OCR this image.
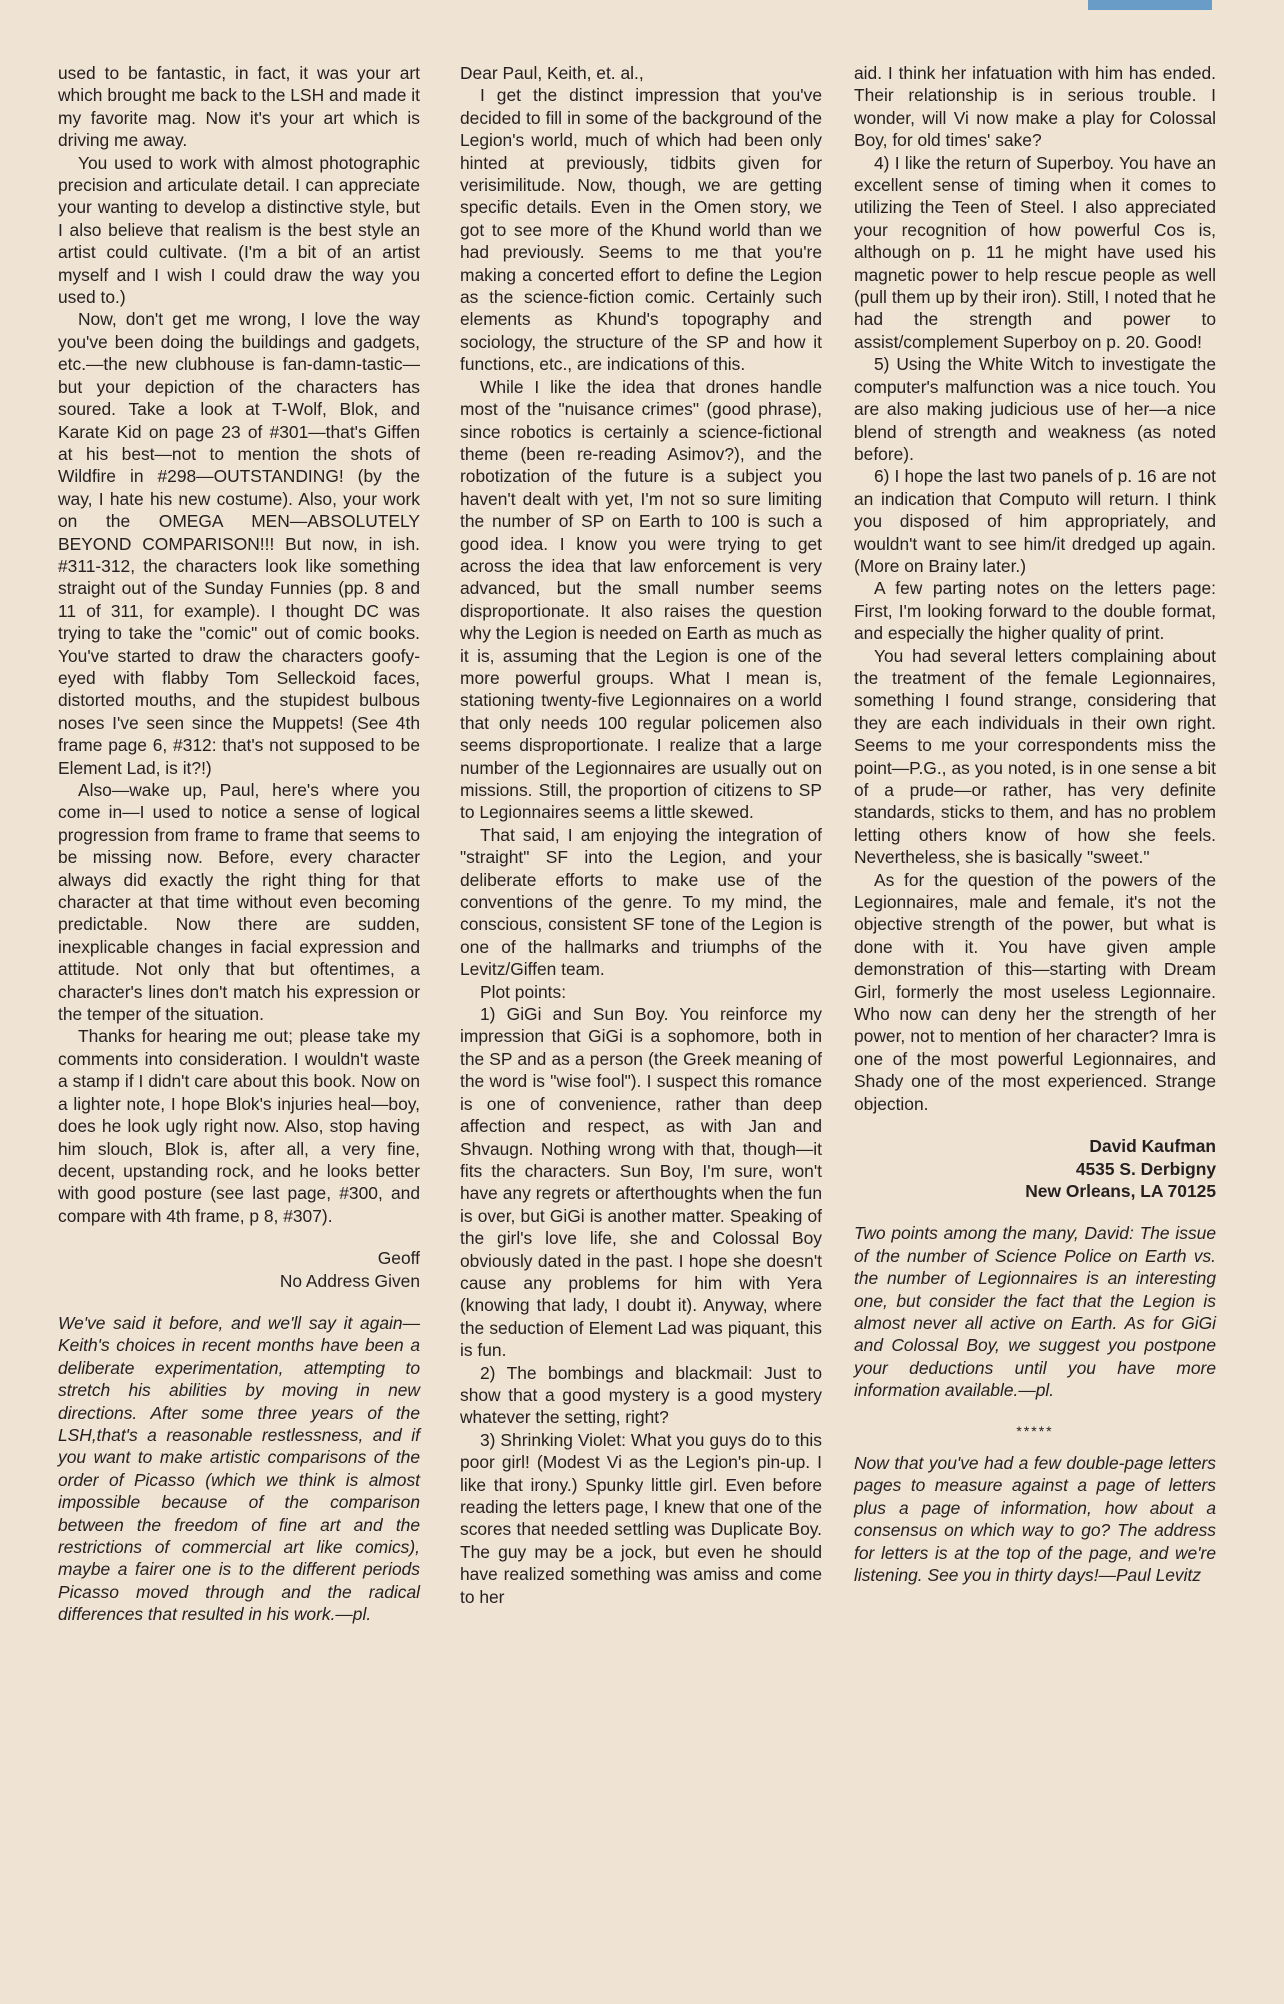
used to be fantastic, in fact, it was your art which brought me back to the LSH and made it my favorite mag. Now it's your art which is driving me away.

You used to work with almost photographic precision and articulate detail. I can appreciate your wanting to develop a distinctive style, but I also believe that realism is the best style an artist could cultivate. (I'm a bit of an artist myself and I wish I could draw the way you used to.)

Now, don't get me wrong, I love the way you've been doing the buildings and gadgets, etc.—the new clubhouse is fan-damn-tastic—but your depiction of the characters has soured. Take a look at T-Wolf, Blok, and Karate Kid on page 23 of #301—that's Giffen at his best—not to mention the shots of Wildfire in #298—OUTSTANDING! (by the way, I hate his new costume). Also, your work on the OMEGA MEN—ABSOLUTELY BEYOND COMPARISON!!! But now, in ish. #311-312, the characters look like something straight out of the Sunday Funnies (pp. 8 and 11 of 311, for example). I thought DC was trying to take the "comic" out of comic books. You've started to draw the characters goofy-eyed with flabby Tom Selleckoid faces, distorted mouths, and the stupidest bulbous noses I've seen since the Muppets! (See 4th frame page 6, #312: that's not supposed to be Element Lad, is it?!)

Also—wake up, Paul, here's where you come in—I used to notice a sense of logical progression from frame to frame that seems to be missing now. Before, every character always did exactly the right thing for that character at that time without even becoming predictable. Now there are sudden, inexplicable changes in facial expression and attitude. Not only that but oftentimes, a character's lines don't match his expression or the temper of the situation.

Thanks for hearing me out; please take my comments into consideration. I wouldn't waste a stamp if I didn't care about this book. Now on a lighter note, I hope Blok's injuries heal—boy, does he look ugly right now. Also, stop having him slouch, Blok is, after all, a very fine, decent, upstanding rock, and he looks better with good posture (see last page, #300, and compare with 4th frame, p 8, #307).

Geoff
No Address Given
We've said it before, and we'll say it again—Keith's choices in recent months have been a deliberate experimentation, attempting to stretch his abilities by moving in new directions. After some three years of the LSH,that's a reasonable restlessness, and if you want to make artistic comparisons of the order of Picasso (which we think is almost impossible because of the comparison between the freedom of fine art and the restrictions of commercial art like comics), maybe a fairer one is to the different periods Picasso moved through and the radical differences that resulted in his work.—pl.

Dear Paul, Keith, et. al.,

I get the distinct impression that you've decided to fill in some of the background of the Legion's world, much of which had been only hinted at previously, tidbits given for verisimilitude. Now, though, we are getting specific details. Even in the Omen story, we got to see more of the Khund world than we had previously. Seems to me that you're making a concerted effort to define the Legion as the science-fiction comic. Certainly such elements as Khund's topography and sociology, the structure of the SP and how it functions, etc., are indications of this.

While I like the idea that drones handle most of the "nuisance crimes" (good phrase), since robotics is certainly a science-fictional theme (been re-reading Asimov?), and the robotization of the future is a subject you haven't dealt with yet, I'm not so sure limiting the number of SP on Earth to 100 is such a good idea. I know you were trying to get across the idea that law enforcement is very advanced, but the small number seems disproportionate. It also raises the question why the Legion is needed on Earth as much as it is, assuming that the Legion is one of the more powerful groups. What I mean is, stationing twenty-five Legionnaires on a world that only needs 100 regular policemen also seems disproportionate. I realize that a large number of the Legionnaires are usually out on missions. Still, the proportion of citizens to SP to Legionnaires seems a little skewed.

That said, I am enjoying the integration of "straight" SF into the Legion, and your deliberate efforts to make use of the conventions of the genre. To my mind, the conscious, consistent SF tone of the Legion is one of the hallmarks and triumphs of the Levitz/Giffen team.

Plot points:

1) GiGi and Sun Boy. You reinforce my impression that GiGi is a sophomore, both in the SP and as a person (the Greek meaning of the word is "wise fool"). I suspect this romance is one of convenience, rather than deep affection and respect, as with Jan and Shvaugn. Nothing wrong with that, though—it fits the characters. Sun Boy, I'm sure, won't have any regrets or afterthoughts when the fun is over, but GiGi is another matter. Speaking of the girl's love life, she and Colossal Boy obviously dated in the past. I hope she doesn't cause any problems for him with Yera (knowing that lady, I doubt it). Anyway, where the seduction of Element Lad was piquant, this is fun.

2) The bombings and blackmail: Just to show that a good mystery is a good mystery whatever the setting, right?

3) Shrinking Violet: What you guys do to this poor girl! (Modest Vi as the Legion's pin-up. I like that irony.) Spunky little girl. Even before reading the letters page, I knew that one of the scores that needed settling was Duplicate Boy. The guy may be a jock, but even he should have realized something was amiss and come to her

aid. I think her infatuation with him has ended. Their relationship is in serious trouble. I wonder, will Vi now make a play for Colossal Boy, for old times' sake?

4) I like the return of Superboy. You have an excellent sense of timing when it comes to utilizing the Teen of Steel. I also appreciated your recognition of how powerful Cos is, although on p. 11 he might have used his magnetic power to help rescue people as well (pull them up by their iron). Still, I noted that he had the strength and power to assist/complement Superboy on p. 20. Good!

5) Using the White Witch to investigate the computer's malfunction was a nice touch. You are also making judicious use of her—a nice blend of strength and weakness (as noted before).

6) I hope the last two panels of p. 16 are not an indication that Computo will return. I think you disposed of him appropriately, and wouldn't want to see him/it dredged up again. (More on Brainy later.)

A few parting notes on the letters page: First, I'm looking forward to the double format, and especially the higher quality of print.

You had several letters complaining about the treatment of the female Legionnaires, something I found strange, considering that they are each individuals in their own right. Seems to me your correspondents miss the point—P.G., as you noted, is in one sense a bit of a prude—or rather, has very definite standards, sticks to them, and has no problem letting others know of how she feels. Nevertheless, she is basically "sweet."

As for the question of the powers of the Legionnaires, male and female, it's not the objective strength of the power, but what is done with it. You have given ample demonstration of this—starting with Dream Girl, formerly the most useless Legionnaire. Who now can deny her the strength of her power, not to mention of her character? Imra is one of the most powerful Legionnaires, and Shady one of the most experienced. Strange objection.

David Kaufman
4535 S. Derbigny
New Orleans, LA 70125
Two points among the many, David: The issue of the number of Science Police on Earth vs. the number of Legionnaires is an interesting one, but consider the fact that the Legion is almost never all active on Earth. As for GiGi and Colossal Boy, we suggest you postpone your deductions until you have more information available.—pl.
*****
Now that you've had a few double-page letters pages to measure against a page of letters plus a page of information, how about a consensus on which way to go? The address for letters is at the top of the page, and we're listening. See you in thirty days!—Paul Levitz
